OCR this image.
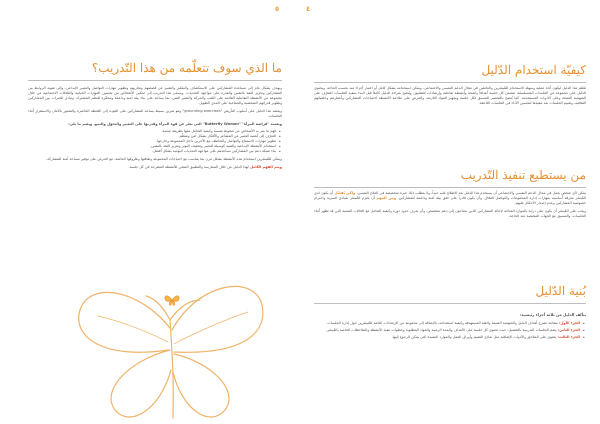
٥
ما الذي سوف تتعلّمه من هذا التّدريب؟

ويهدف بشكل عام إلى مساعدة المشاركين على الاستكشاف والتفكير والتعبير عن قصصهم وتجاربهم وتطوير مهارات التواصل والتعبير الإبداعي، وإلى تقوية الروابط بين المشاركين وتعزيز الثقة بالنفس والقدرة على مواجهة التحديات. ويسعى هذا التدريب إلى تمكين الأشخاص من تحسين المهارات الحياتية والعلاقات الاجتماعية من خلال مجموعة من الأنشطة التفاعلية القائمة على اللعب والحركة والتعبير الفني، بما يساعد على بناء بيئة آمنة وداعمة ومحفّزة للتعلّم المشترك، وتبادل الخبرات بين المشاركين وتطوير قدراتهم الشخصية والجماعية على المدى الطويل.

ويعتمد هذا الدليل على أسلوب التأريض "grounding exercises" وهو تمرين بسيط يساعد المشاركين على العودة إلى اللحظة الحاضرة والشعور بالأمان والاستقرار أثناء الجلسات.

وتعتمد "فراشة المرأة" "Butterfly Woman" التي تعبّر عن قوة المرأة وقدرتها على التغيير والتحوّل والنمو، ويضم ما يلي:

• فهم ما يمر به الأشخاص من ضغوط نفسية وكيفية التعامل معها بطريقة صحية.
• التعرّف إلى أهمية التعبير عن المشاعر والأفكار بشكل آمن ومنظّم.
• تطوير مهارات الاستماع والتواصل والتعاطف مع الآخرين داخل المجموعة وخارجها.
• استخدام الأنشطة الإبداعية والفنية كوسيلة للتعبير وتخفيف التوتر وتعزيز الثقة بالنفس.
• بناء شبكة دعم بين المشاركين تساعدهم على مواجهة التحديات اليومية بشكل أفضل.

ويمكن للمُيسّرين استخدام هذه الأنشطة بشكل مرن بما يتناسب مع احتياجات المجموعة وثقافتها وظروفها الخاصة، مع الحرص على توفير مساحة آمنة للمشاركة.

ويتم الفهم الكامل لهذا الدليل من خلال الممارسة والتطبيق العملي للأنشطة المقترحة في كل جلسة.

٤
كيفيّة استخدام الدّليل

صُمّم هذا الدليل ليكون أداة عملية وسهلة الاستخدام للمُيسّرين والعاملين في مجال الدعم النفسي والاجتماعي، ويمكن استخدامه بشكل كامل أو اختيار أجزاء منه بحسب الحاجة. ويحتوي الدليل على مجموعة من الجلسات المتسلسلة، تتضمن كل جلسة أهدافاً واضحة وأنشطة تفاعلية وإرشادات للتطبيق. ويُنصح بقراءة الدليل كاملاً قبل البدء بتنفيذ الجلسات للتعرّف على المنهجية المتبعة وعلى الأدوات المستخدمة. كما يُنصح بالتحضير المسبق لكل جلسة وتجهيز المواد اللازمة، والحرص على ملاءمة الأنشطة لاحتياجات المشاركين وأعمارهم وخلفياتهم الثقافية، وتقييم الجلسات بعد تنفيذها لتحسين الأداء في الجلسات اللاحقة.

من يستطيع تنفيذ التّدريب

يمكن لأي شخص يعمل في مجال الدعم النفسي والاجتماعي أن يستخدم هذا الدليل بعد الاطلاع عليه جيداً، ولا يتطلب ذلك خبرة متخصصة في العلاج النفسي، ولكن يُفضّل أن يكون لدى المُيسّر معرفة أساسية بمهارات إدارة المجموعات والتواصل الفعّال، وأن يكون قادراً على خلق بيئة آمنة وداعمة للمشاركين. ومن المهم أن يلتزم المُيسّر بمبادئ السرية واحترام خصوصية المشاركين وعدم إصدار الأحكام عليهم.

ويجب على المُيسّر أن يكون على دراية بالموارد المتاحة لإحالة المشاركين الذين يحتاجون إلى دعم متخصص، وأن يعرف حدود دوره وكيفية التعامل مع الحالات الصعبة التي قد تظهر أثناء الجلسات، والتنسيق مع الجهات المختصة عند الحاجة.

بُنية الدّليل

يتألف الدليل من ثلاثة أجزاء رئيسية:

• الجزء الأول: مقدّمة تشرح أهداف الدليل والمنهجية المتبعة والفئة المستهدفة وكيفية استخدامه، بالإضافة إلى مجموعة من الإرشادات العامة للمُيسّرين حول إدارة الجلسات.
• الجزء الثاني: يضم الجلسات التدريبية بالتفصيل، حيث تحتوي كل جلسة على الأهداف والمدة الزمنية والمواد المطلوبة وخطوات تنفيذ الأنشطة والملاحظات الخاصة بالمُيسّر.
• الجزء الثالث: يحتوي على الملاحق والأدوات الإضافية مثل نماذج التقييم وأوراق العمل والموارد المفيدة التي يمكن الرجوع إليها.
